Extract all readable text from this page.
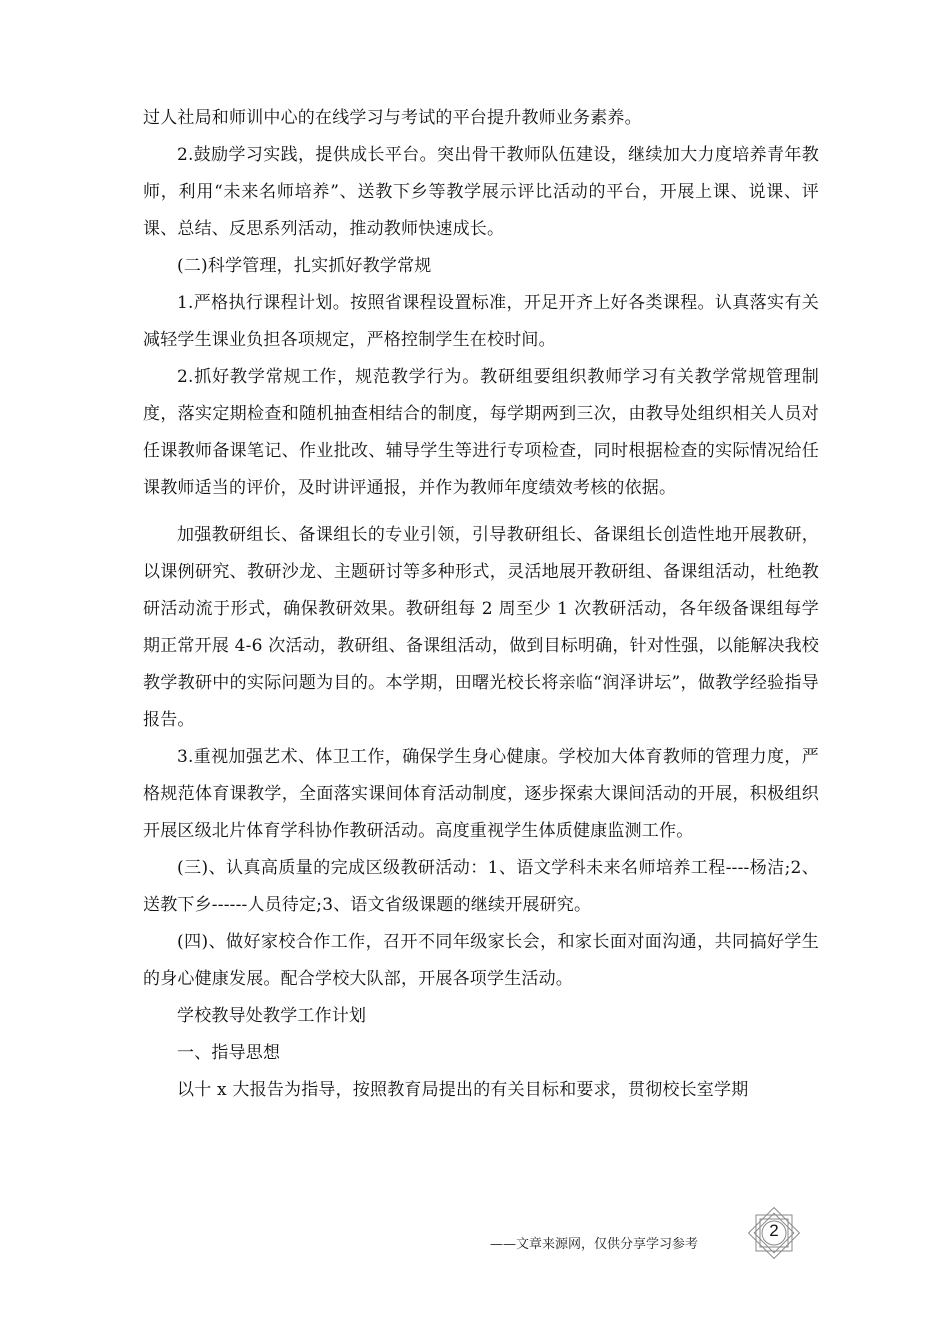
过人社局和师训中心的在线学习与考试的平台提升教师业务素养。

2.鼓励学习实践，提供成长平台。突出骨干教师队伍建设，继续加大力度培养青年教师，利用“未来名师培养”、送教下乡等教学展示评比活动的平台，开展上课、说课、评课、总结、反思系列活动，推动教师快速成长。

(二)科学管理，扎实抓好教学常规

1.严格执行课程计划。按照省课程设置标准，开足开齐上好各类课程。认真落实有关减轻学生课业负担各项规定，严格控制学生在校时间。

2.抓好教学常规工作，规范教学行为。教研组要组织教师学习有关教学常规管理制度，落实定期检查和随机抽查相结合的制度，每学期两到三次，由教导处组织相关人员对任课教师备课笔记、作业批改、辅导学生等进行专项检查，同时根据检查的实际情况给任课教师适当的评价，及时讲评通报，并作为教师年度绩效考核的依据。

加强教研组长、备课组长的专业引领，引导教研组长、备课组长创造性地开展教研，以课例研究、教研沙龙、主题研讨等多种形式，灵活地展开教研组、备课组活动，杜绝教研活动流于形式，确保教研效果。教研组每 2 周至少 1 次教研活动，各年级备课组每学期正常开展 4-6 次活动，教研组、备课组活动，做到目标明确，针对性强，以能解决我校教学教研中的实际问题为目的。本学期，田曙光校长将亲临“润泽讲坛”，做教学经验指导报告。

3.重视加强艺术、体卫工作，确保学生身心健康。学校加大体育教师的管理力度，严格规范体育课教学，全面落实课间体育活动制度，逐步探索大课间活动的开展，积极组织开展区级北片体育学科协作教研活动。高度重视学生体质健康监测工作。

(三)、认真高质量的完成区级教研活动：1、语文学科未来名师培养工程----杨洁;2、送教下乡------人员待定;3、语文省级课题的继续开展研究。

(四)、做好家校合作工作，召开不同年级家长会，和家长面对面沟通，共同搞好学生的身心健康发展。配合学校大队部，开展各项学生活动。

学校教导处教学工作计划

一、指导思想

以十 x 大报告为指导，按照教育局提出的有关目标和要求，贯彻校长室学期

——文章来源网，仅供分享学习参考
2
